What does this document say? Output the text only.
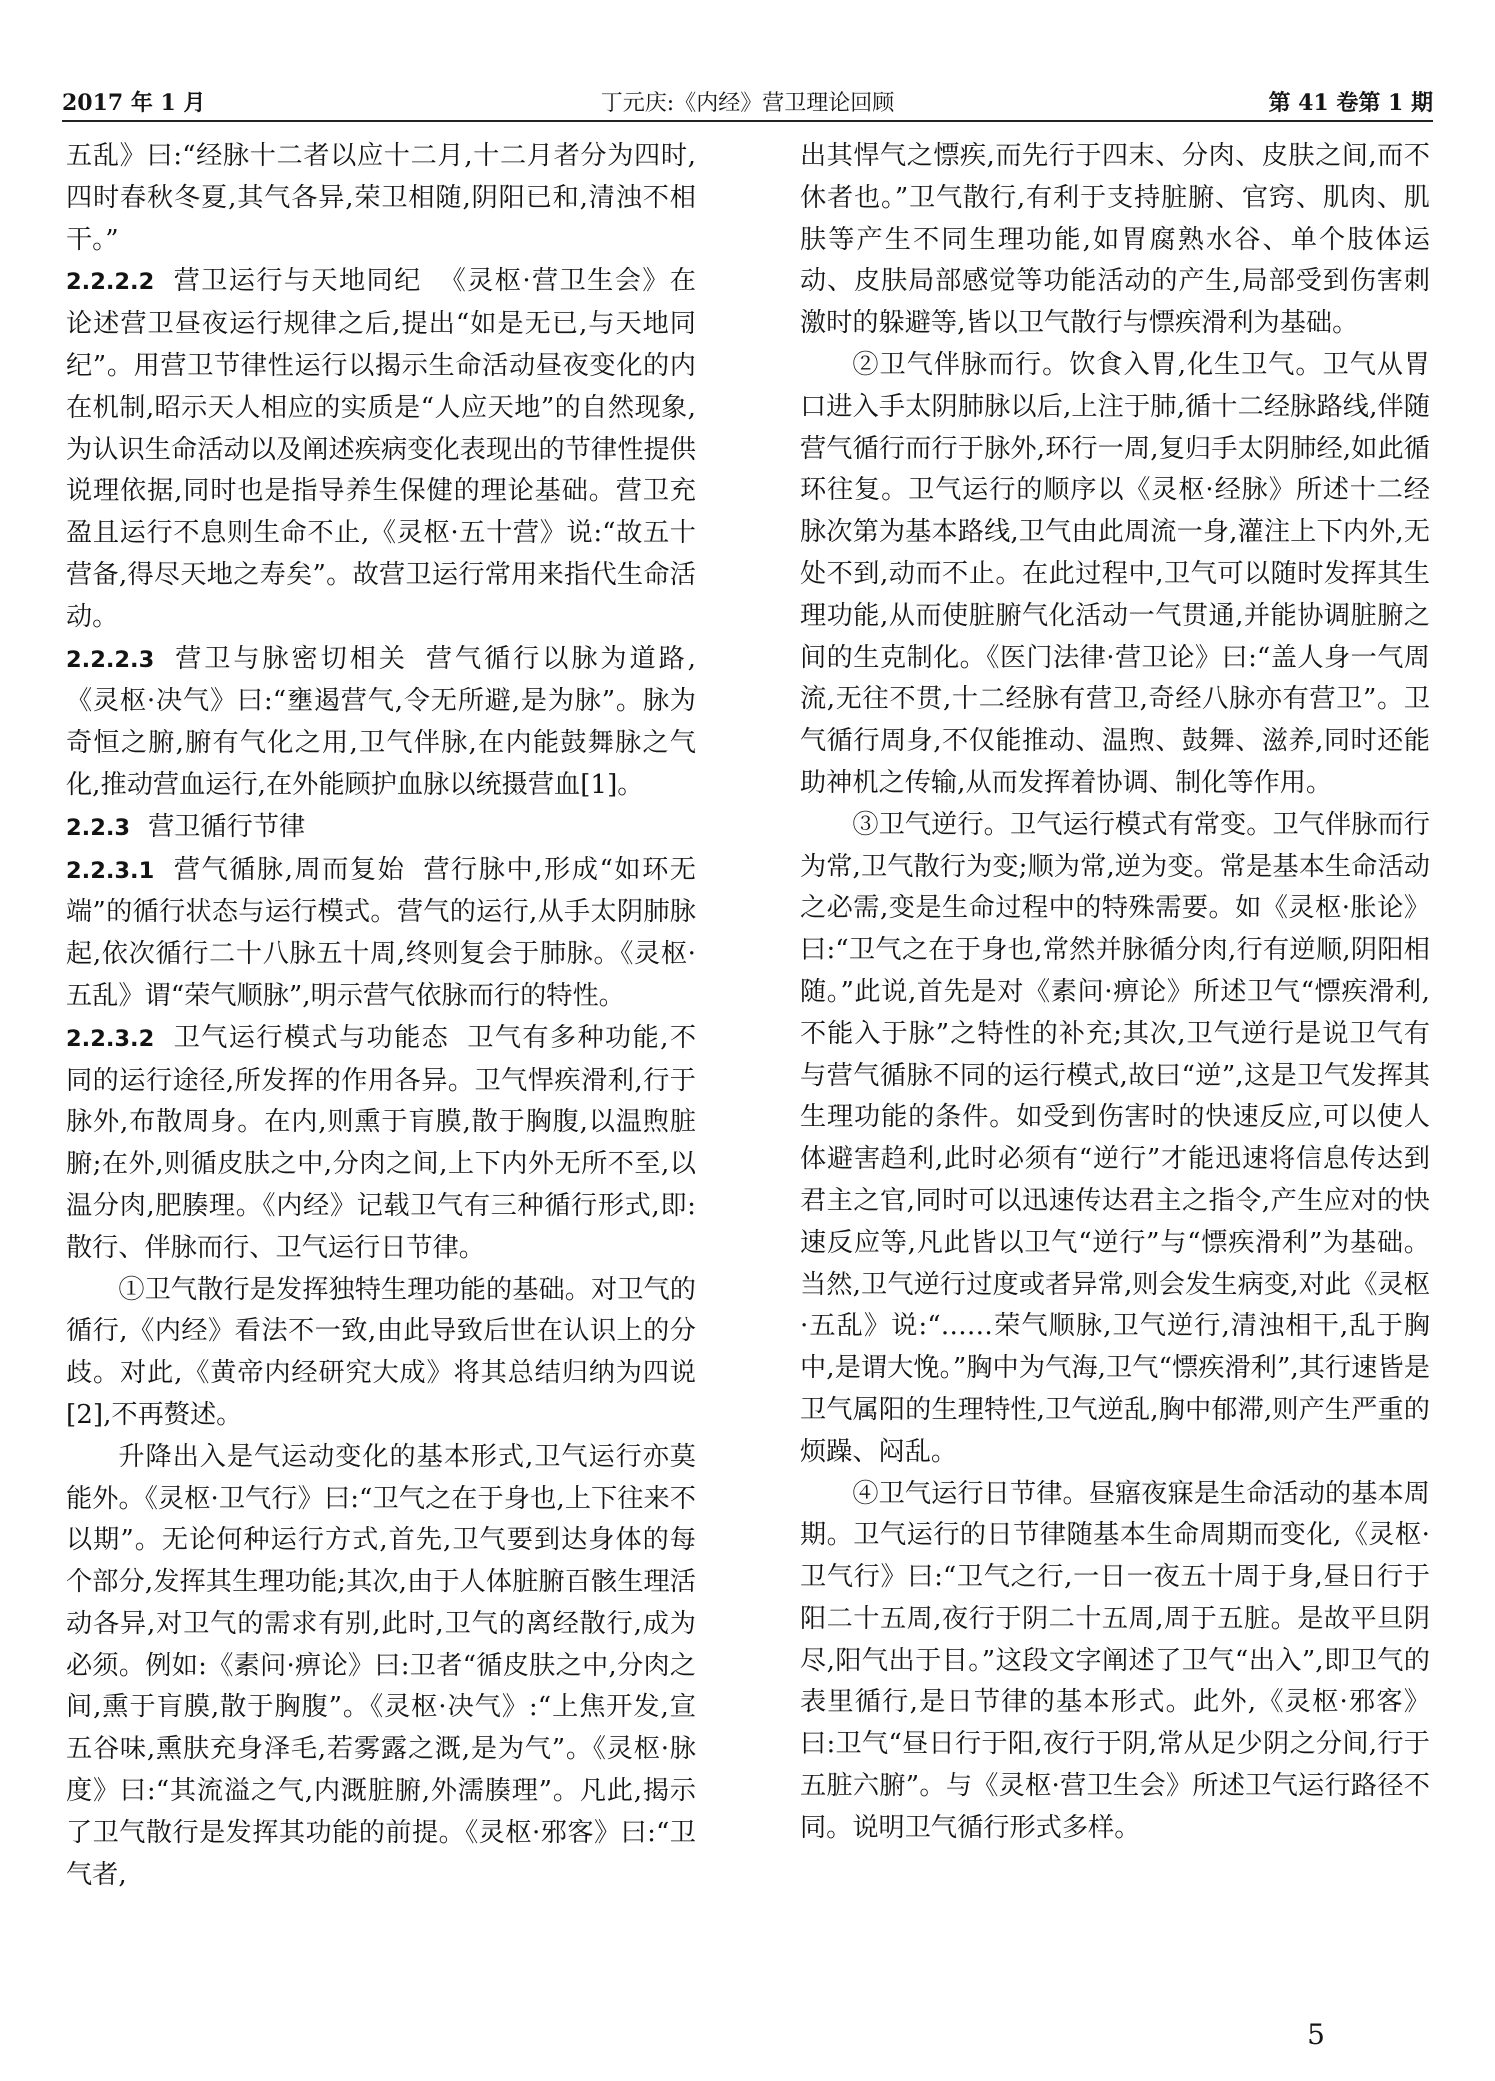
2017 年 1 月	丁元庆:《内经》营卫理论回顾	第 41 卷第 1 期

五乱》曰:“经脉十二者以应十二月,十二月者分为四时,四时春秋冬夏,其气各异,荣卫相随,阴阳已和,清浊不相干。”

2.2.2.2 营卫运行与天地同纪 《灵枢·营卫生会》在论述营卫昼夜运行规律之后,提出“如是无已,与天地同纪”。用营卫节律性运行以揭示生命活动昼夜变化的内在机制,昭示天人相应的实质是“人应天地”的自然现象,为认识生命活动以及阐述疾病变化表现出的节律性提供说理依据,同时也是指导养生保健的理论基础。营卫充盈且运行不息则生命不止,《灵枢·五十营》说:“故五十营备,得尽天地之寿矣”。故营卫运行常用来指代生命活动。

2.2.2.3 营卫与脉密切相关 营气循行以脉为道路,《灵枢·决气》曰:“壅遏营气,令无所避,是为脉”。脉为奇恒之腑,腑有气化之用,卫气伴脉,在内能鼓舞脉之气化,推动营血运行,在外能顾护血脉以统摄营血[1]。

2.2.3 营卫循行节律

2.2.3.1 营气循脉,周而复始 营行脉中,形成“如环无端”的循行状态与运行模式。营气的运行,从手太阴肺脉起,依次循行二十八脉五十周,终则复会于肺脉。《灵枢·五乱》谓“荣气顺脉”,明示营气依脉而行的特性。

2.2.3.2 卫气运行模式与功能态 卫气有多种功能,不同的运行途径,所发挥的作用各异。卫气悍疾滑利,行于脉外,布散周身。在内,则熏于肓膜,散于胸腹,以温煦脏腑;在外,则循皮肤之中,分肉之间,上下内外无所不至,以温分肉,肥腠理。《内经》记载卫气有三种循行形式,即:散行、伴脉而行、卫气运行日节律。

①卫气散行是发挥独特生理功能的基础。对卫气的循行,《内经》看法不一致,由此导致后世在认识上的分歧。对此,《黄帝内经研究大成》将其总结归纳为四说[2],不再赘述。

升降出入是气运动变化的基本形式,卫气运行亦莫能外。《灵枢·卫气行》曰:“卫气之在于身也,上下往来不以期”。无论何种运行方式,首先,卫气要到达身体的每个部分,发挥其生理功能;其次,由于人体脏腑百骸生理活动各异,对卫气的需求有别,此时,卫气的离经散行,成为必须。例如:《素问·痹论》曰:卫者“循皮肤之中,分肉之间,熏于肓膜,散于胸腹”。《灵枢·决气》:“上焦开发,宣五谷味,熏肤充身泽毛,若雾露之溉,是为气”。《灵枢·脉度》曰:“其流溢之气,内溉脏腑,外濡腠理”。凡此,揭示了卫气散行是发挥其功能的前提。《灵枢·邪客》曰:“卫气者,

出其悍气之慓疾,而先行于四末、分肉、皮肤之间,而不休者也。”卫气散行,有利于支持脏腑、官窍、肌肉、肌肤等产生不同生理功能,如胃腐熟水谷、单个肢体运动、皮肤局部感觉等功能活动的产生,局部受到伤害刺激时的躲避等,皆以卫气散行与慓疾滑利为基础。

②卫气伴脉而行。饮食入胃,化生卫气。卫气从胃口进入手太阴肺脉以后,上注于肺,循十二经脉路线,伴随营气循行而行于脉外,环行一周,复归手太阴肺经,如此循环往复。卫气运行的顺序以《灵枢·经脉》所述十二经脉次第为基本路线,卫气由此周流一身,灌注上下内外,无处不到,动而不止。在此过程中,卫气可以随时发挥其生理功能,从而使脏腑气化活动一气贯通,并能协调脏腑之间的生克制化。《医门法律·营卫论》曰:“盖人身一气周流,无往不贯,十二经脉有营卫,奇经八脉亦有营卫”。卫气循行周身,不仅能推动、温煦、鼓舞、滋养,同时还能助神机之传输,从而发挥着协调、制化等作用。

③卫气逆行。卫气运行模式有常变。卫气伴脉而行为常,卫气散行为变;顺为常,逆为变。常是基本生命活动之必需,变是生命过程中的特殊需要。如《灵枢·胀论》曰:“卫气之在于身也,常然并脉循分肉,行有逆顺,阴阳相随。”此说,首先是对《素问·痹论》所述卫气“慓疾滑利,不能入于脉”之特性的补充;其次,卫气逆行是说卫气有与营气循脉不同的运行模式,故曰“逆”,这是卫气发挥其生理功能的条件。如受到伤害时的快速反应,可以使人体避害趋利,此时必须有“逆行”才能迅速将信息传达到君主之官,同时可以迅速传达君主之指令,产生应对的快速反应等,凡此皆以卫气“逆行”与“慓疾滑利”为基础。当然,卫气逆行过度或者异常,则会发生病变,对此《灵枢·五乱》说:“……荣气顺脉,卫气逆行,清浊相干,乱于胸中,是谓大悗。”胸中为气海,卫气“慓疾滑利”,其行速皆是卫气属阳的生理特性,卫气逆乱,胸中郁滞,则产生严重的烦躁、闷乱。

④卫气运行日节律。昼寤夜寐是生命活动的基本周期。卫气运行的日节律随基本生命周期而变化,《灵枢·卫气行》曰:“卫气之行,一日一夜五十周于身,昼日行于阳二十五周,夜行于阴二十五周,周于五脏。是故平旦阴尽,阳气出于目。”这段文字阐述了卫气“出入”,即卫气的表里循行,是日节律的基本形式。此外,《灵枢·邪客》曰:卫气“昼日行于阳,夜行于阴,常从足少阴之分间,行于五脏六腑”。与《灵枢·营卫生会》所述卫气运行路径不同。说明卫气循行形式多样。

5
